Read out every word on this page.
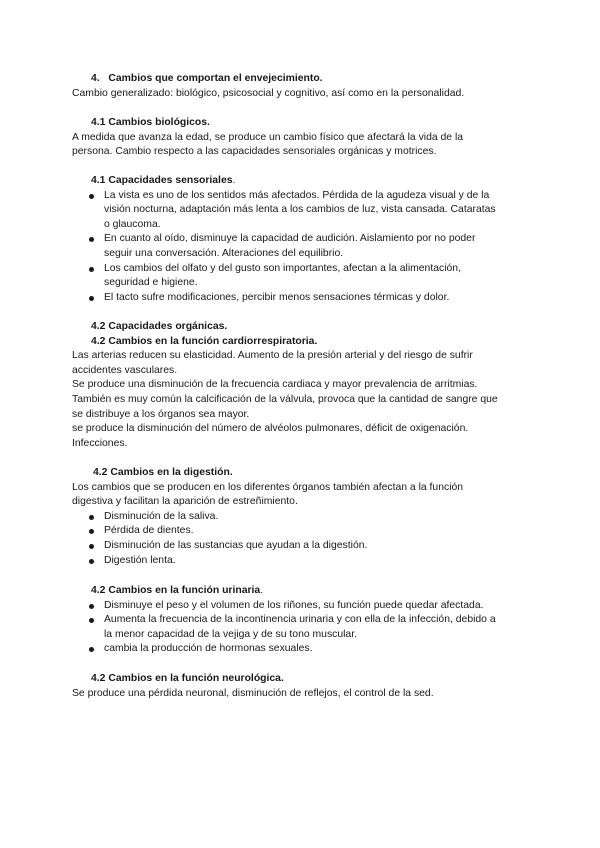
4. Cambios que comportan el envejecimiento.

Cambio generalizado: biológico, psicosocial y cognitivo, así como en la personalidad.

4.1 Cambios biológicos.

A medida que avanza la edad, se produce un cambio físico que afectará la vida de la

persona. Cambio respecto a las capacidades sensoriales orgánicas y motrices.

4.1 Capacidades sensoriales.
La vista es uno de los sentidos más afectados. Pérdida de la agudeza visual y de la
visión nocturna, adaptación más lenta a los cambios de luz, vista cansada. Cataratas
o glaucoma.
En cuanto al oído, disminuye la capacidad de audición. Aislamiento por no poder
seguir una conversación. Alteraciones del equilibrio.
Los cambios del olfato y del gusto son importantes, afectan a la alimentación,
seguridad e higiene.
El tacto sufre modificaciones, percibir menos sensaciones térmicas y dolor.
4.2 Capacidades orgánicas.
4.2 Cambios en la función cardiorrespiratoria.

Las arterias reducen su elasticidad. Aumento de la presión arterial y del riesgo de sufrir

accidentes vasculares.

Se produce una disminución de la frecuencia cardiaca y mayor prevalencia de arritmias.

También es muy común la calcificación de la válvula, provoca que la cantidad de sangre que

se distribuye a los órganos sea mayor.

se produce la disminución del número de alvéolos pulmonares, déficit de oxigenación.

Infecciones.

4.2 Cambios en la digestión.

Los cambios que se producen en los diferentes órganos también afectan a la función

digestiva y facilitan la aparición de estreñimiento.

Disminución de la saliva.
Pérdida de dientes.
Disminución de las sustancias que ayudan a la digestión.
Digestión lenta.
4.2 Cambios en la función urinaria.
Disminuye el peso y el volumen de los riñones, su función puede quedar afectada.
Aumenta la frecuencia de la incontinencia urinaria y con ella de la infección, debido a
la menor capacidad de la vejiga y de su tono muscular.
cambia la producción de hormonas sexuales.
4.2 Cambios en la función neurológica.

Se produce una pérdida neuronal, disminución de reflejos, el control de la sed.
